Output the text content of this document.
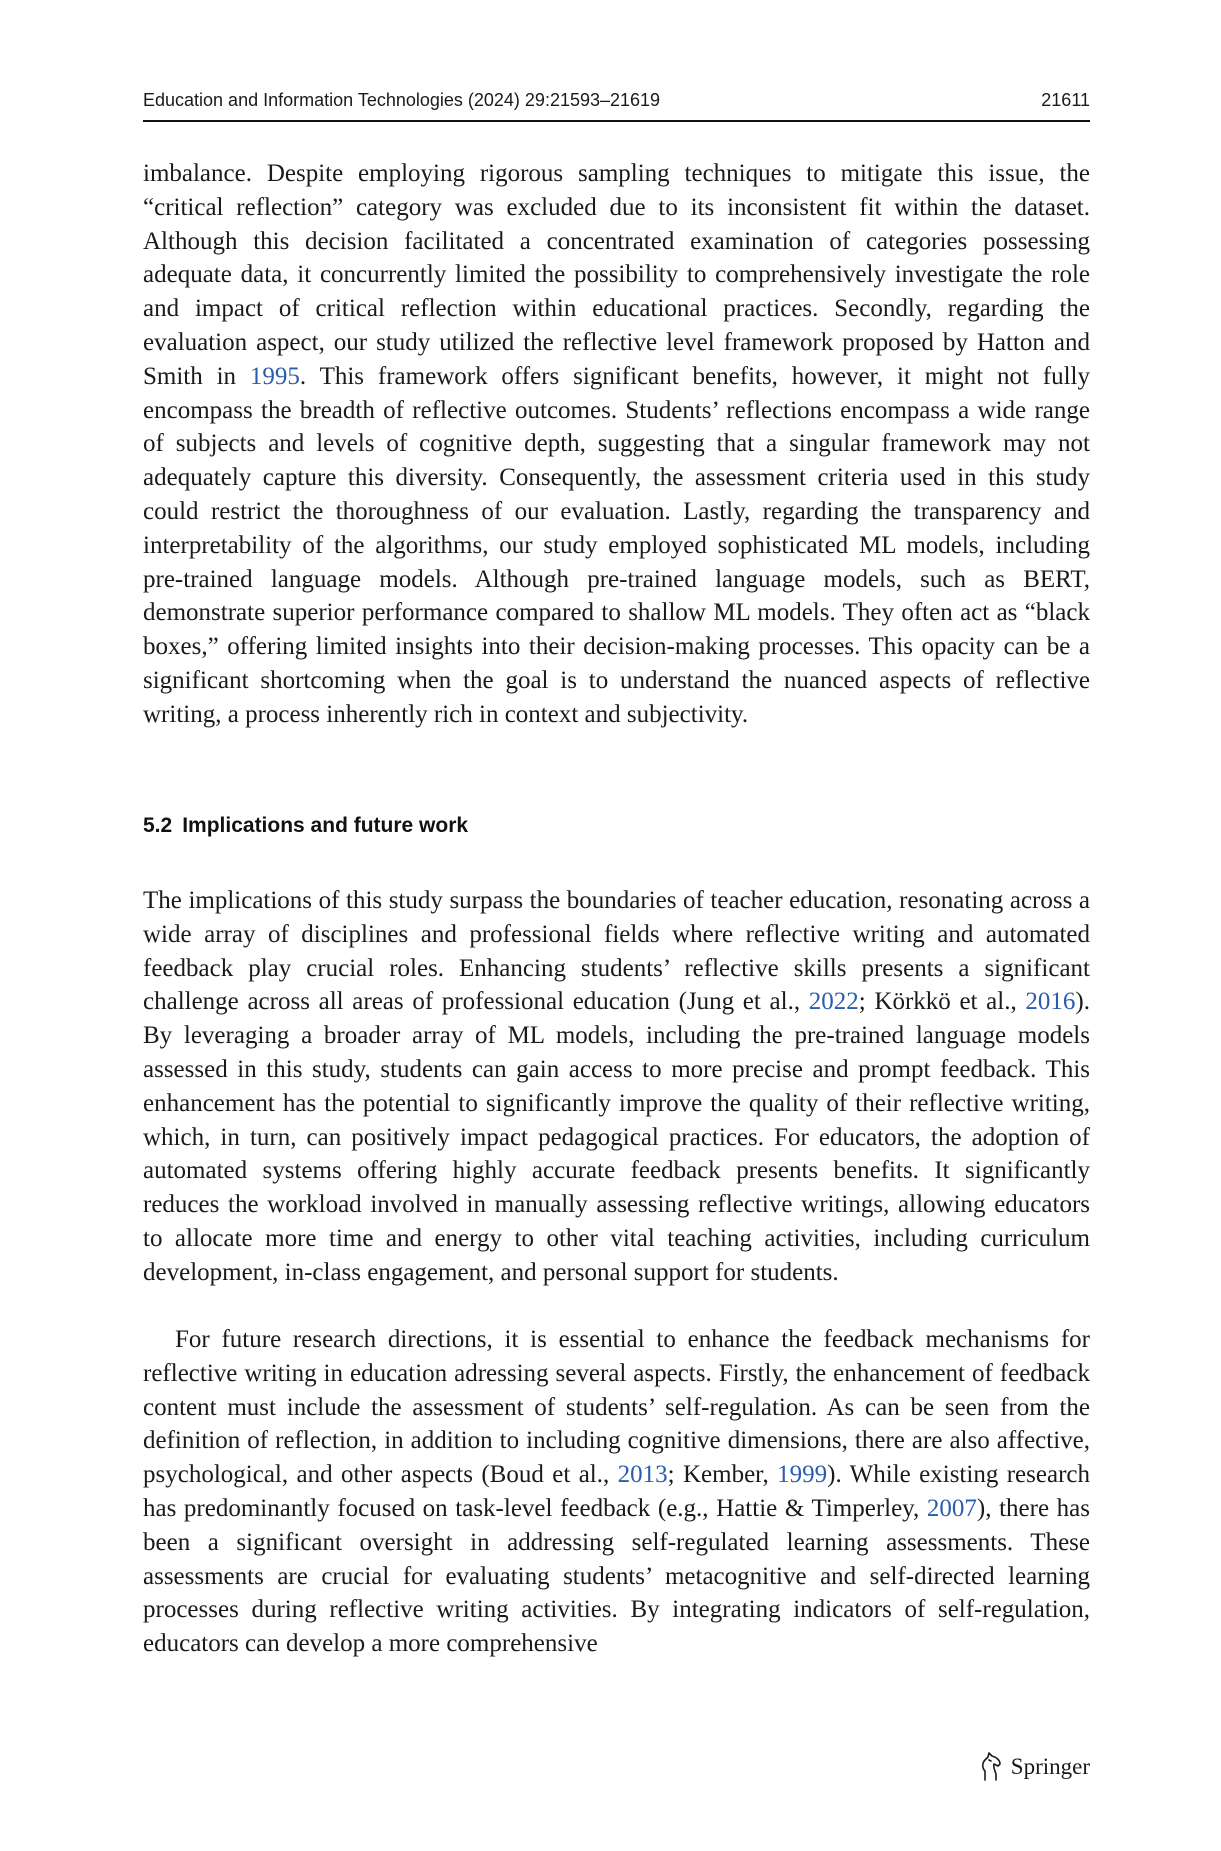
Education and Information Technologies (2024) 29:21593–21619	21611

imbalance. Despite employing rigorous sampling techniques to mitigate this issue, the “critical reflection” category was excluded due to its inconsistent fit within the dataset. Although this decision facilitated a concentrated examination of categories possessing adequate data, it concurrently limited the possibility to comprehensively investigate the role and impact of critical reflection within educational practices. Secondly, regarding the evaluation aspect, our study utilized the reflective level framework proposed by Hatton and Smith in 1995. This framework offers significant benefits, however, it might not fully encompass the breadth of reflective outcomes. Students’ reflections encompass a wide range of subjects and levels of cognitive depth, suggesting that a singular framework may not adequately capture this diversity. Consequently, the assessment criteria used in this study could restrict the thoroughness of our evaluation. Lastly, regarding the transparency and interpretability of the algorithms, our study employed sophisticated ML models, including pre-trained language models. Although pre-trained language models, such as BERT, demonstrate superior performance compared to shallow ML models. They often act as “black boxes,” offering limited insights into their decision-making processes. This opacity can be a significant shortcoming when the goal is to understand the nuanced aspects of reflective writing, a process inherently rich in context and subjectivity.

5.2 Implications and future work

The implications of this study surpass the boundaries of teacher education, resonating across a wide array of disciplines and professional fields where reflective writing and automated feedback play crucial roles. Enhancing students’ reflective skills presents a significant challenge across all areas of professional education (Jung et al., 2022; Körkkö et al., 2016). By leveraging a broader array of ML models, including the pre-trained language models assessed in this study, students can gain access to more precise and prompt feedback. This enhancement has the potential to significantly improve the quality of their reflective writing, which, in turn, can positively impact pedagogical practices. For educators, the adoption of automated systems offering highly accurate feedback presents benefits. It significantly reduces the workload involved in manually assessing reflective writings, allowing educators to allocate more time and energy to other vital teaching activities, including curriculum development, in-class engagement, and personal support for students.

For future research directions, it is essential to enhance the feedback mechanisms for reflective writing in education adressing several aspects. Firstly, the enhancement of feedback content must include the assessment of students’ self-regulation. As can be seen from the definition of reflection, in addition to including cognitive dimensions, there are also affective, psychological, and other aspects (Boud et al., 2013; Kember, 1999). While existing research has predominantly focused on task-level feedback (e.g., Hattie & Timperley, 2007), there has been a significant oversight in addressing self-regulated learning assessments. These assessments are crucial for evaluating students’ metacognitive and self-directed learning processes during reflective writing activities. By integrating indicators of self-regulation, educators can develop a more comprehensive

Springer
